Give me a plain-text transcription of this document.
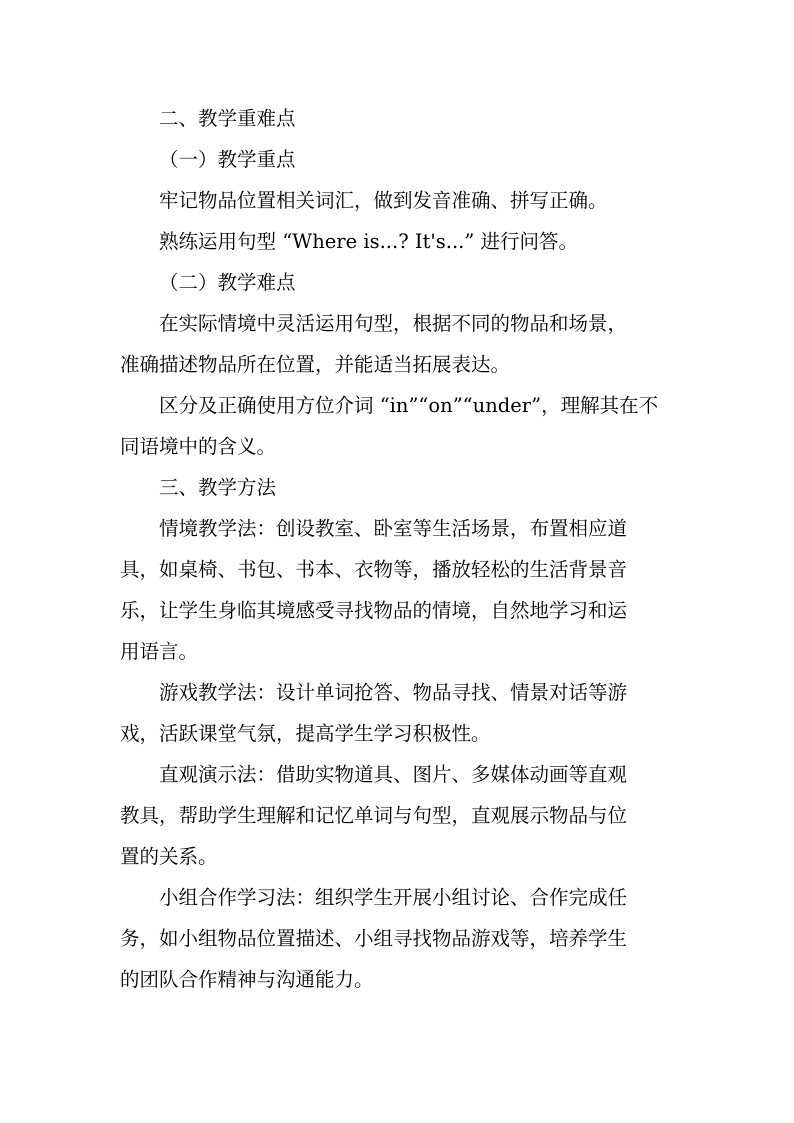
二、教学重难点

（一）教学重点

牢记物品位置相关词汇，做到发音准确、拼写正确。

熟练运用句型 “Where is...? It's...” 进行问答。

（二）教学难点

在实际情境中灵活运用句型，根据不同的物品和场景，
准确描述物品所在位置，并能适当拓展表达。

区分及正确使用方位介词 “in”“on”“under”，理解其在不
同语境中的含义。

三、教学方法

情境教学法：创设教室、卧室等生活场景，布置相应道
具，如桌椅、书包、书本、衣物等，播放轻松的生活背景音
乐，让学生身临其境感受寻找物品的情境，自然地学习和运
用语言。

游戏教学法：设计单词抢答、物品寻找、情景对话等游
戏，活跃课堂气氛，提高学生学习积极性。

直观演示法：借助实物道具、图片、多媒体动画等直观
教具，帮助学生理解和记忆单词与句型，直观展示物品与位
置的关系。

小组合作学习法：组织学生开展小组讨论、合作完成任
务，如小组物品位置描述、小组寻找物品游戏等，培养学生
的团队合作精神与沟通能力。
